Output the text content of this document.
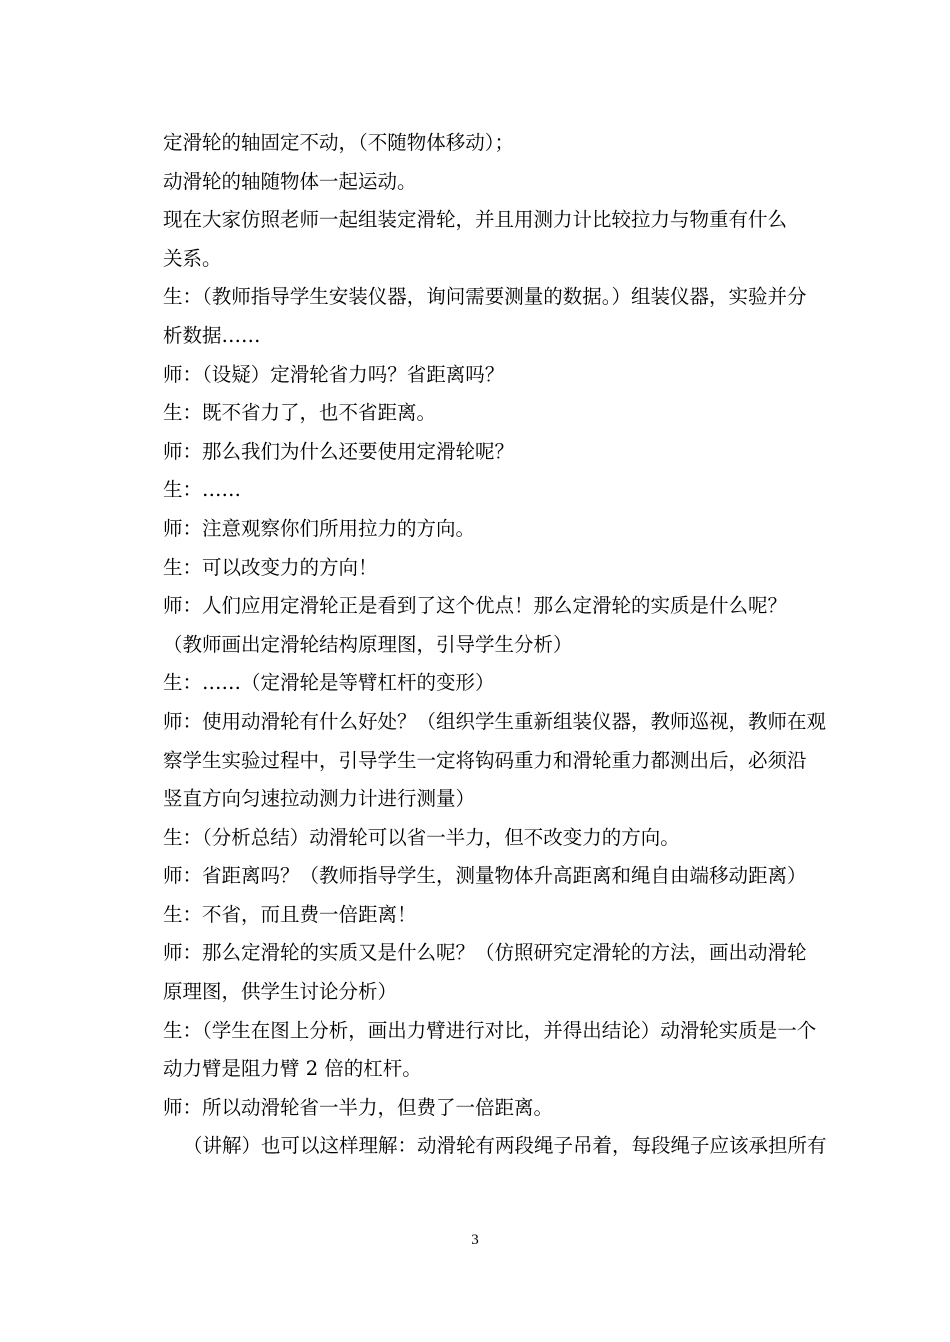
定滑轮的轴固定不动，（不随物体移动）；
动滑轮的轴随物体一起运动。
现在大家仿照老师一起组装定滑轮，并且用测力计比较拉力与物重有什么
关系。
生：（教师指导学生安装仪器，询问需要测量的数据。）组装仪器，实验并分
析数据……
师：（设疑）定滑轮省力吗？省距离吗？
生：既不省力了，也不省距离。
师：那么我们为什么还要使用定滑轮呢？
生：……
师：注意观察你们所用拉力的方向。
生：可以改变力的方向！
师：人们应用定滑轮正是看到了这个优点！那么定滑轮的实质是什么呢？
（教师画出定滑轮结构原理图，引导学生分析）
生：……（定滑轮是等臂杠杆的变形）
师：使用动滑轮有什么好处？（组织学生重新组装仪器，教师巡视，教师在观
察学生实验过程中，引导学生一定将钩码重力和滑轮重力都测出后，必须沿
竖直方向匀速拉动测力计进行测量）
生：（分析总结）动滑轮可以省一半力，但不改变力的方向。
师：省距离吗？（教师指导学生，测量物体升高距离和绳自由端移动距离）
生：不省，而且费一倍距离！
师：那么定滑轮的实质又是什么呢？（仿照研究定滑轮的方法，画出动滑轮
原理图，供学生讨论分析）
生：（学生在图上分析，画出力臂进行对比，并得出结论）动滑轮实质是一个
动力臂是阻力臂 2 倍的杠杆。
师：所以动滑轮省一半力，但费了一倍距离。
（讲解）也可以这样理解：动滑轮有两段绳子吊着，每段绳子应该承担所有
3
